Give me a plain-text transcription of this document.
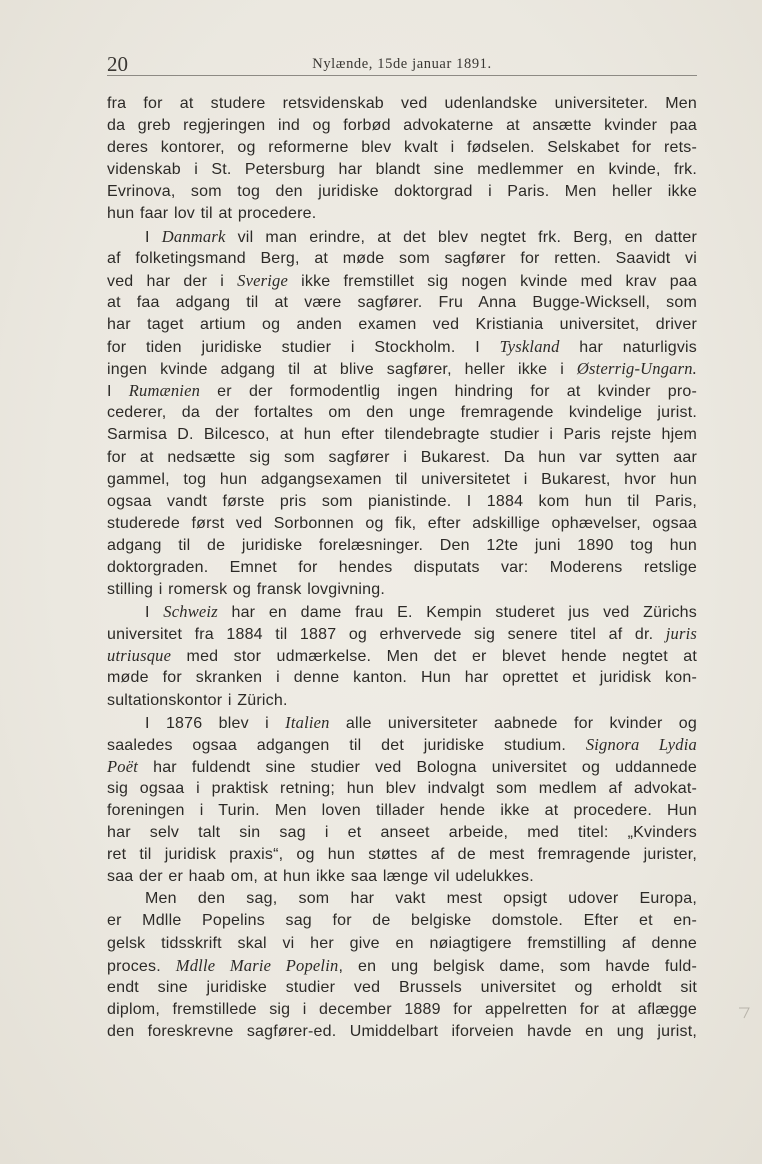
20	Nylænde, 15de januar 1891.
fra for at studere retsvidenskab ved udenlandske universiteter. Men
da greb regjeringen ind og forbød advokaterne at ansætte kvinder paa
deres kontorer, og reformerne blev kvalt i fødselen. Selskabet for rets-
videnskab i St. Petersburg har blandt sine medlemmer en kvinde, frk.
Evrinova, som tog den juridiske doktorgrad i Paris. Men heller ikke
hun faar lov til at procedere.
I Danmark vil man erindre, at det blev negtet frk. Berg, en datter
af folketingsmand Berg, at møde som sagfører for retten. Saavidt vi
ved har der i Sverige ikke fremstillet sig nogen kvinde med krav paa
at faa adgang til at være sagfører. Fru Anna Bugge-Wicksell, som
har taget artium og anden examen ved Kristiania universitet, driver
for tiden juridiske studier i Stockholm. I Tyskland har naturligvis
ingen kvinde adgang til at blive sagfører, heller ikke i Østerrig-Ungarn.
I Rumænien er der formodentlig ingen hindring for at kvinder pro-
cederer, da der fortaltes om den unge fremragende kvindelige jurist.
Sarmisa D. Bilcesco, at hun efter tilendebragte studier i Paris rejste hjem
for at nedsætte sig som sagfører i Bukarest. Da hun var sytten aar
gammel, tog hun adgangsexamen til universitetet i Bukarest, hvor hun
ogsaa vandt første pris som pianistinde. I 1884 kom hun til Paris,
studerede først ved Sorbonnen og fik, efter adskillige ophævelser, ogsaa
adgang til de juridiske forelæsninger. Den 12te juni 1890 tog hun
doktorgraden. Emnet for hendes disputats var: Moderens retslige
stilling i romersk og fransk lovgivning.
I Schweiz har en dame frau E. Kempin studeret jus ved Zürichs
universitet fra 1884 til 1887 og erhvervede sig senere titel af dr. juris
utriusque med stor udmærkelse. Men det er blevet hende negtet at
møde for skranken i denne kanton. Hun har oprettet et juridisk kon-
sultationskontor i Zürich.
I 1876 blev i Italien alle universiteter aabnede for kvinder og
saaledes ogsaa adgangen til det juridiske studium. Signora Lydia
Poët har fuldendt sine studier ved Bologna universitet og uddannede
sig ogsaa i praktisk retning; hun blev indvalgt som medlem af advokat-
foreningen i Turin. Men loven tillader hende ikke at procedere. Hun
har selv talt sin sag i et anseet arbeide, med titel: „Kvinders
ret til juridisk praxis“, og hun støttes af de mest fremragende jurister,
saa der er haab om, at hun ikke saa længe vil udelukkes.
Men den sag, som har vakt mest opsigt udover Europa,
er Mdlle Popelins sag for de belgiske domstole. Efter et en-
gelsk tidsskrift skal vi her give en nøiagtigere fremstilling af denne
proces. Mdlle Marie Popelin, en ung belgisk dame, som havde fuld-
endt sine juridiske studier ved Brussels universitet og erholdt sit
diplom, fremstillede sig i december 1889 for appelretten for at aflægge
den foreskrevne sagfører-ed. Umiddelbart iforveien havde en ung jurist,
